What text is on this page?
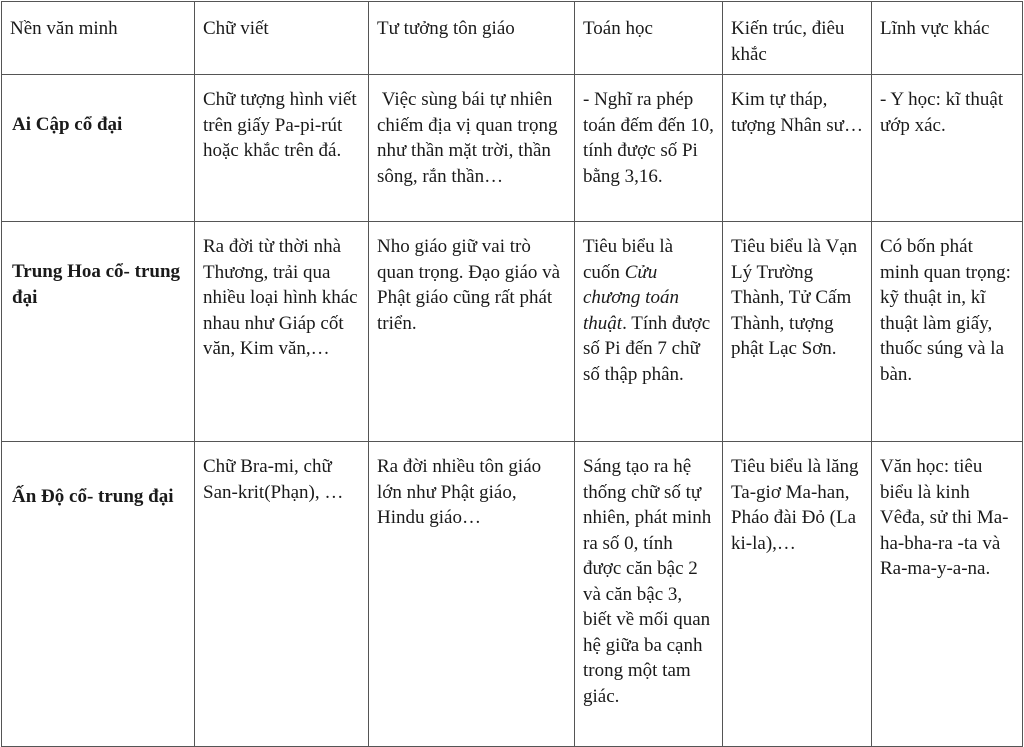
Nền văn minh	Chữ viết	Tư tưởng tôn giáo	Toán học	Kiến trúc, điêu khắc	Lĩnh vực khác
Ai Cập cổ đại	Chữ tượng hình viết trên giấy Pa-pi-rút hoặc khắc trên đá.	Việc sùng bái tự nhiên chiếm địa vị quan trọng như thần mặt trời, thần sông, rắn thần…	- Nghĩ ra phép toán đếm đến 10, tính được số Pi bằng 3,16.	Kim tự tháp, tượng Nhân sư…	- Y học: kĩ thuật ướp xác.
Trung Hoa cổ- trung đại	Ra đời từ thời nhà Thương, trải qua nhiều loại hình khác nhau như Giáp cốt văn, Kim văn,…	Nho giáo giữ vai trò quan trọng. Đạo giáo và Phật giáo cũng rất phát triển.	Tiêu biểu là cuốn Cửu chương toán thuật. Tính được số Pi đến 7 chữ số thập phân.	Tiêu biểu là Vạn Lý Trường Thành, Tử Cấm Thành, tượng phật Lạc Sơn.	Có bốn phát minh quan trọng: kỹ thuật in, kĩ thuật làm giấy, thuốc súng và la bàn.
Ấn Độ cổ- trung đại	Chữ Bra-mi, chữ San-krit(Phạn), …	Ra đời nhiều tôn giáo lớn như Phật giáo, Hindu giáo…	Sáng tạo ra hệ thống chữ số tự nhiên, phát minh ra số 0, tính được căn bậc 2 và căn bậc 3, biết về mối quan hệ giữa ba cạnh trong một tam giác.	Tiêu biểu là lăng Ta-giơ Ma-han, Pháo đài Đỏ (La ki-la),…	Văn học: tiêu biểu là kinh Vêđa, sử thi Ma-ha-bha-ra -ta và Ra-ma-y-a-na.
